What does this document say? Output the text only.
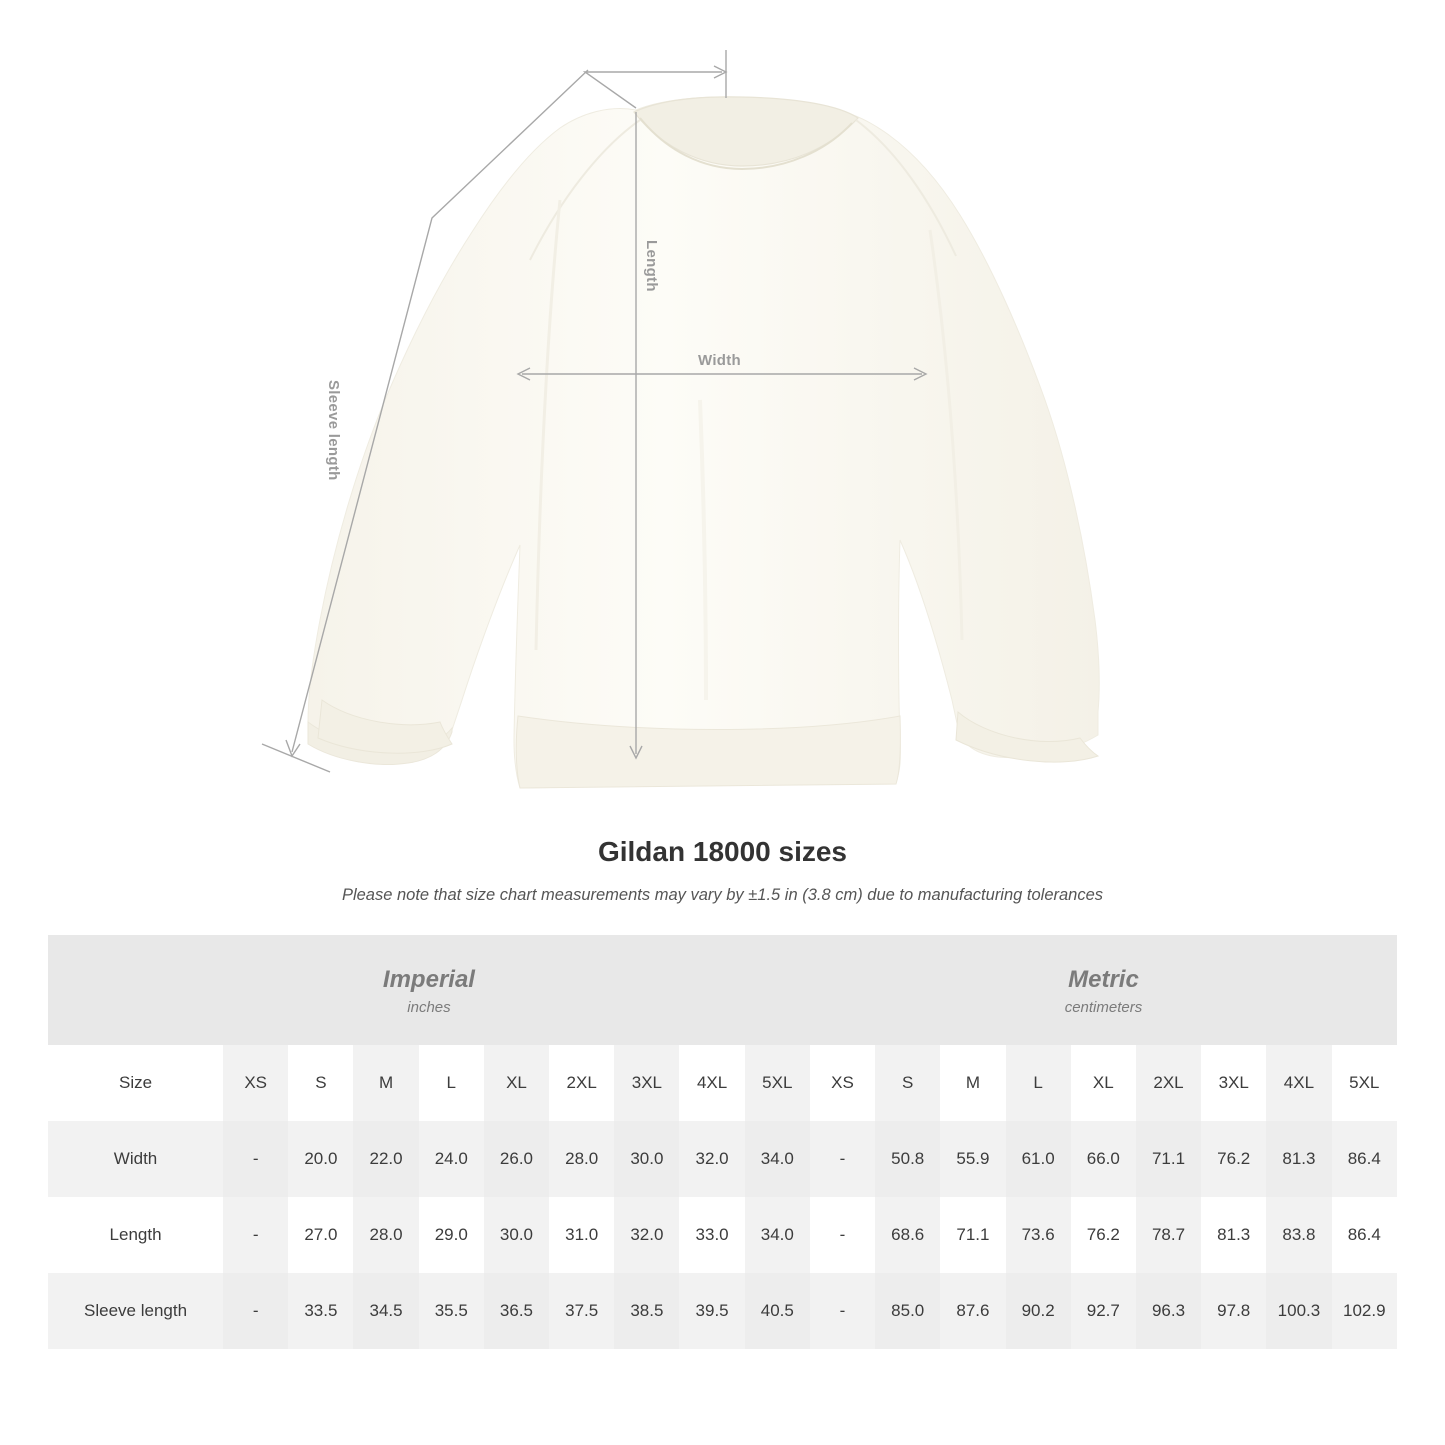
Length
Width
Sleeve length
Gildan 18000 sizes
Please note that size chart measurements may vary by ±1.5 in (3.8 cm) due to manufacturing tolerances
Imperial
inches

Metric
centimeters

Size	XS	S	M	L	XL	2XL	3XL	4XL	5XL	XS	S	M	L	XL	2XL	3XL	4XL	5XL
Width	-	20.0	22.0	24.0	26.0	28.0	30.0	32.0	34.0	-	50.8	55.9	61.0	66.0	71.1	76.2	81.3	86.4
Length	-	27.0	28.0	29.0	30.0	31.0	32.0	33.0	34.0	-	68.6	71.1	73.6	76.2	78.7	81.3	83.8	86.4
Sleeve length	-	33.5	34.5	35.5	36.5	37.5	38.5	39.5	40.5	-	85.0	87.6	90.2	92.7	96.3	97.8	100.3	102.9
